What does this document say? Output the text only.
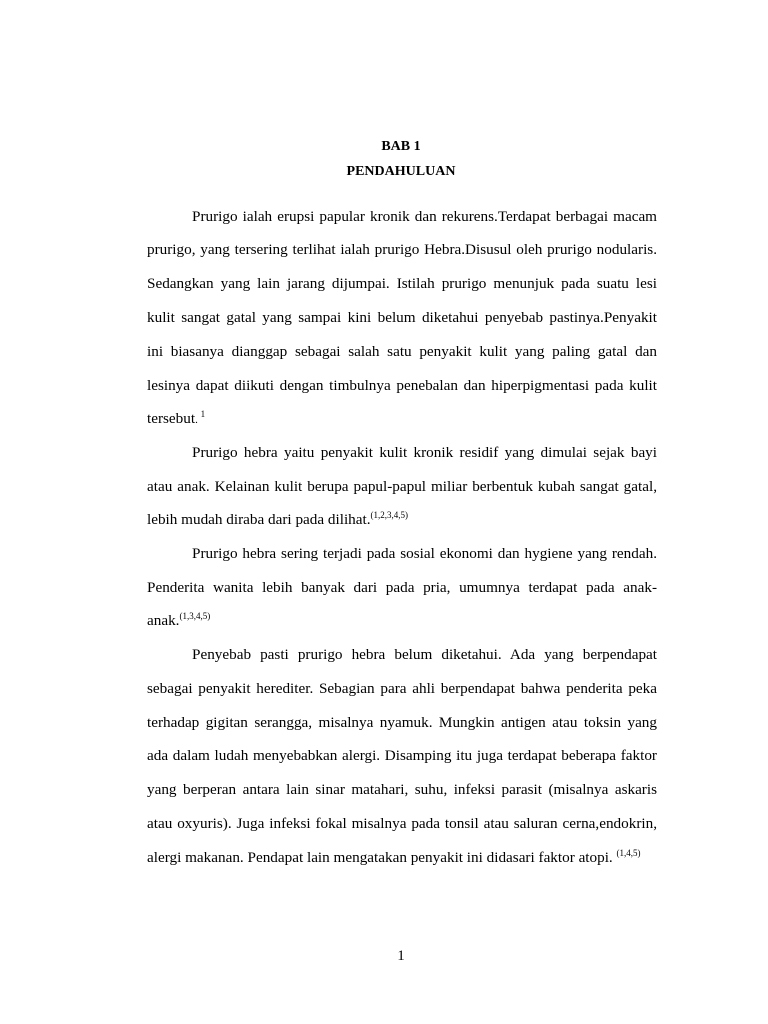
BAB 1
PENDAHULUAN
Prurigo ialah erupsi papular kronik dan rekurens.Terdapat berbagai macam
prurigo, yang tersering terlihat ialah prurigo Hebra.Disusul oleh prurigo nodularis.
Sedangkan yang lain jarang dijumpai. Istilah prurigo menunjuk pada suatu lesi
kulit sangat gatal yang sampai kini belum diketahui penyebab pastinya.Penyakit
ini biasanya dianggap sebagai salah satu penyakit kulit yang paling gatal dan
lesinya dapat diikuti dengan timbulnya penebalan dan hiperpigmentasi pada kulit
tersebut. $^1$
Prurigo hebra yaitu penyakit kulit kronik residif yang dimulai sejak bayi
atau anak. Kelainan kulit berupa papul-papul miliar berbentuk kubah sangat gatal,
lebih mudah diraba dari pada dilihat.$^{(1,2,3,4,5)}$
Prurigo hebra sering terjadi pada sosial ekonomi dan hygiene yang rendah.
Penderita wanita lebih banyak dari pada pria, umumnya terdapat pada anak-
anak.$^{(1,3,4,5)}$
Penyebab pasti prurigo hebra belum diketahui. Ada yang berpendapat
sebagai penyakit herediter. Sebagian para ahli berpendapat bahwa penderita peka
terhadap gigitan serangga, misalnya nyamuk. Mungkin antigen atau toksin yang
ada dalam ludah menyebabkan alergi. Disamping itu juga terdapat beberapa faktor
yang berperan antara lain sinar matahari, suhu, infeksi parasit (misalnya askaris
atau oxyuris). Juga infeksi fokal misalnya pada tonsil atau saluran cerna,endokrin,
alergi makanan. Pendapat lain mengatakan penyakit ini didasari faktor atopi. $^{(1,4,5)}$
1
